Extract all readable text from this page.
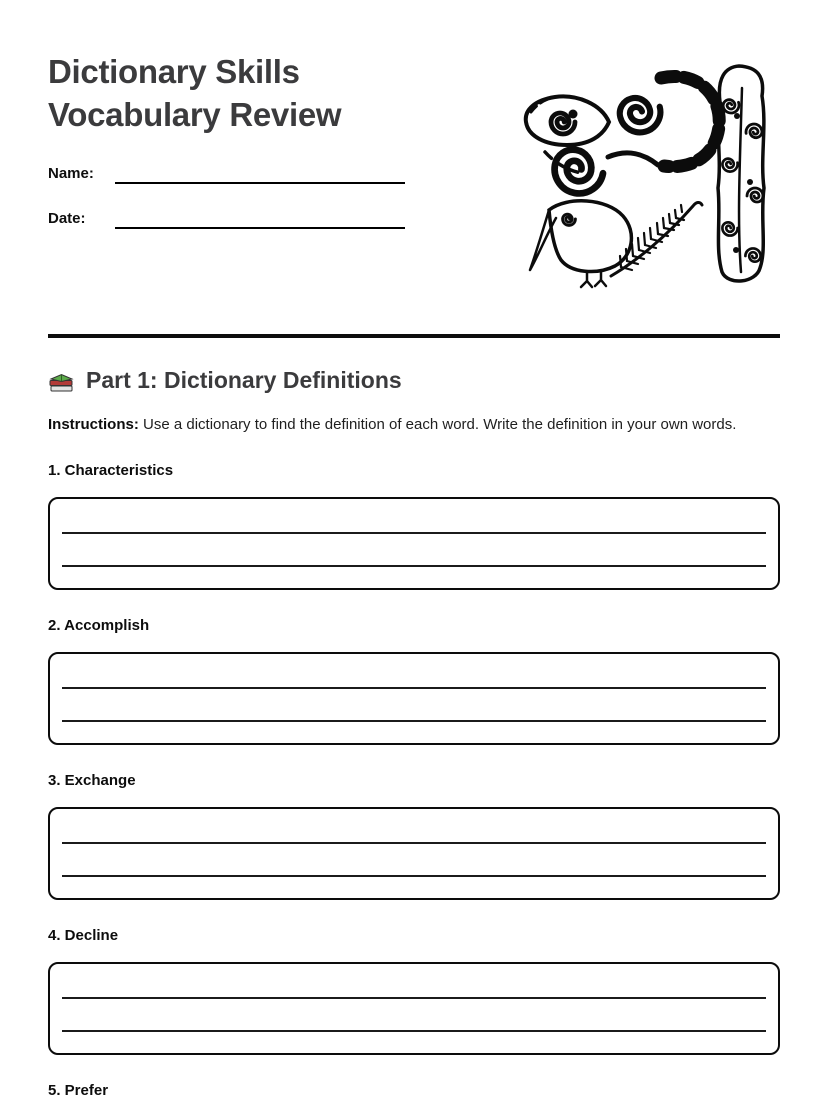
Dictionary Skills
Vocabulary Review
Name:
Date:
Part 1: Dictionary Definitions

Instructions: Use a dictionary to find the definition of each word. Write the definition in your own words.

1. Characteristics
2. Accomplish
3. Exchange
4. Decline
5. Prefer
